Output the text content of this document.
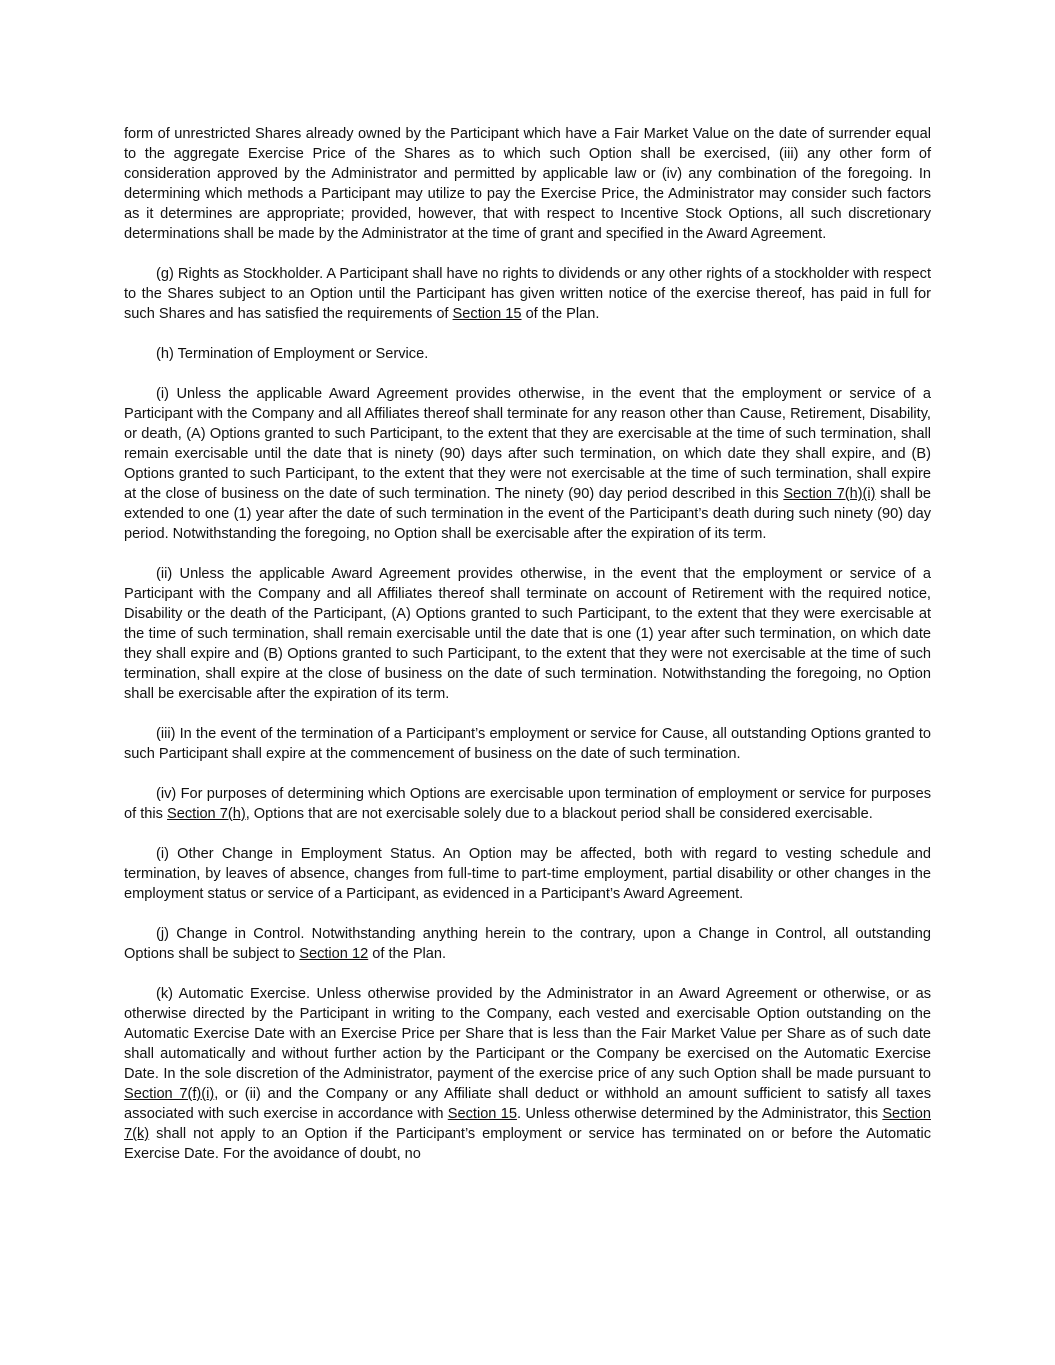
form of unrestricted Shares already owned by the Participant which have a Fair Market Value on the date of surrender equal to the aggregate Exercise Price of the Shares as to which such Option shall be exercised, (iii) any other form of consideration approved by the Administrator and permitted by applicable law or (iv) any combination of the foregoing. In determining which methods a Participant may utilize to pay the Exercise Price, the Administrator may consider such factors as it determines are appropriate; provided, however, that with respect to Incentive Stock Options, all such discretionary determinations shall be made by the Administrator at the time of grant and specified in the Award Agreement.

(g) Rights as Stockholder. A Participant shall have no rights to dividends or any other rights of a stockholder with respect to the Shares subject to an Option until the Participant has given written notice of the exercise thereof, has paid in full for such Shares and has satisfied the requirements of Section 15 of the Plan.

(h) Termination of Employment or Service.

(i) Unless the applicable Award Agreement provides otherwise, in the event that the employment or service of a Participant with the Company and all Affiliates thereof shall terminate for any reason other than Cause, Retirement, Disability, or death, (A) Options granted to such Participant, to the extent that they are exercisable at the time of such termination, shall remain exercisable until the date that is ninety (90) days after such termination, on which date they shall expire, and (B) Options granted to such Participant, to the extent that they were not exercisable at the time of such termination, shall expire at the close of business on the date of such termination. The ninety (90) day period described in this Section 7(h)(i) shall be extended to one (1) year after the date of such termination in the event of the Participant’s death during such ninety (90) day period. Notwithstanding the foregoing, no Option shall be exercisable after the expiration of its term.

(ii) Unless the applicable Award Agreement provides otherwise, in the event that the employment or service of a Participant with the Company and all Affiliates thereof shall terminate on account of Retirement with the required notice, Disability or the death of the Participant, (A) Options granted to such Participant, to the extent that they were exercisable at the time of such termination, shall remain exercisable until the date that is one (1) year after such termination, on which date they shall expire and (B) Options granted to such Participant, to the extent that they were not exercisable at the time of such termination, shall expire at the close of business on the date of such termination. Notwithstanding the foregoing, no Option shall be exercisable after the expiration of its term.

(iii) In the event of the termination of a Participant’s employment or service for Cause, all outstanding Options granted to such Participant shall expire at the commencement of business on the date of such termination.

(iv) For purposes of determining which Options are exercisable upon termination of employment or service for purposes of this Section 7(h), Options that are not exercisable solely due to a blackout period shall be considered exercisable.

(i) Other Change in Employment Status. An Option may be affected, both with regard to vesting schedule and termination, by leaves of absence, changes from full-time to part-time employment, partial disability or other changes in the employment status or service of a Participant, as evidenced in a Participant’s Award Agreement.

(j) Change in Control. Notwithstanding anything herein to the contrary, upon a Change in Control, all outstanding Options shall be subject to Section 12 of the Plan.

(k) Automatic Exercise. Unless otherwise provided by the Administrator in an Award Agreement or otherwise, or as otherwise directed by the Participant in writing to the Company, each vested and exercisable Option outstanding on the Automatic Exercise Date with an Exercise Price per Share that is less than the Fair Market Value per Share as of such date shall automatically and without further action by the Participant or the Company be exercised on the Automatic Exercise Date. In the sole discretion of the Administrator, payment of the exercise price of any such Option shall be made pursuant to Section 7(f)(i), or (ii) and the Company or any Affiliate shall deduct or withhold an amount sufficient to satisfy all taxes associated with such exercise in accordance with Section 15. Unless otherwise determined by the Administrator, this Section 7(k) shall not apply to an Option if the Participant’s employment or service has terminated on or before the Automatic Exercise Date. For the avoidance of doubt, no
